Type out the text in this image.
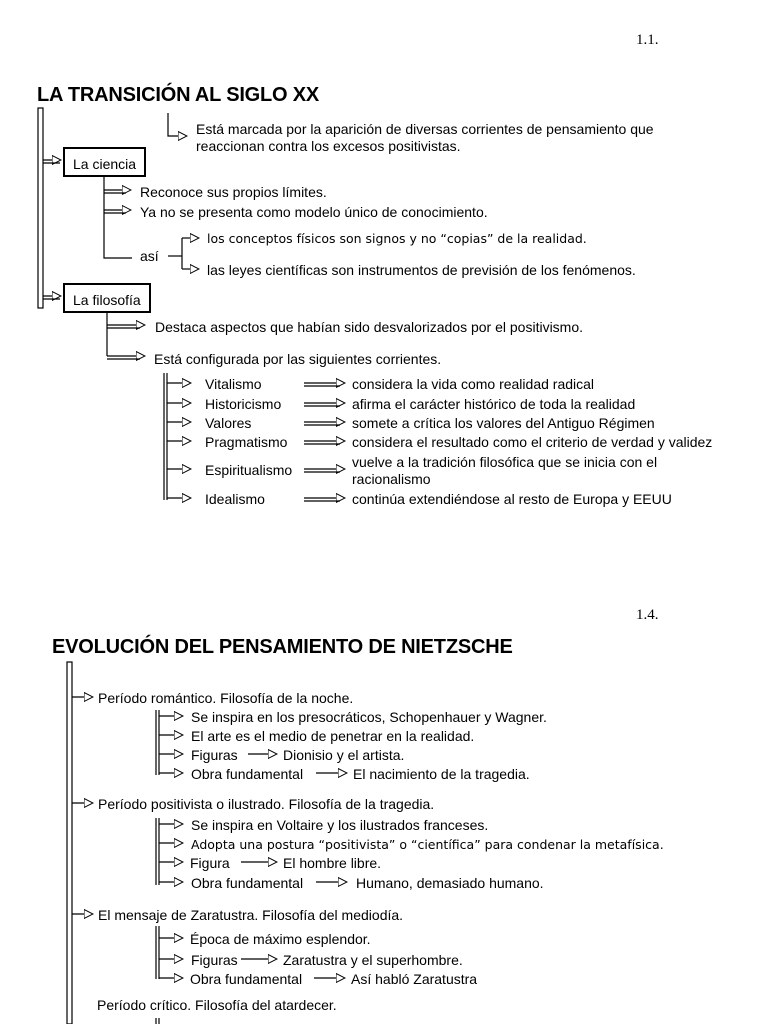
1.1.
1.4.
LA TRANSICIÓN AL SIGLO XX
Está marcada por la aparición de diversas corrientes de pensamiento que reaccionan contra los excesos positivistas.
La ciencia
Reconoce sus propios límites.
Ya no se presenta como modelo único de conocimiento.
así
los conceptos físicos son signos y no “copias” de la realidad.
las leyes científicas son instrumentos de previsión de los fenómenos.
La filosofía
Destaca aspectos que habían sido desvalorizados por el positivismo.
Está configurada por las siguientes corrientes.
Vitalismo	considera la vida como realidad radical
Historicismo	afirma el carácter histórico de toda la realidad
Valores	somete a crítica los valores del Antiguo Régimen
Pragmatismo	considera el resultado como el criterio de verdad y validez
Espiritualismo	vuelve a la tradición filosófica que se inicia con el racionalismo
Idealismo	continúa extendiéndose al resto de Europa y EEUU
EVOLUCIÓN DEL PENSAMIENTO DE NIETZSCHE
Período romántico. Filosofía de la noche.
Se inspira en los presocráticos, Schopenhauer y Wagner.
El arte es el medio de penetrar en la realidad.
Figuras	Dionisio y el artista.
Obra fundamental	El nacimiento de la tragedia.
Período positivista o ilustrado. Filosofía de la tragedia.
Se inspira en Voltaire y los ilustrados franceses.
Adopta una postura “positivista” o “científica” para condenar la metafísica.
Figura	El hombre libre.
Obra fundamental	Humano, demasiado humano.
El mensaje de Zaratustra. Filosofía del mediodía.
Época de máximo esplendor.
Figuras	Zaratustra y el superhombre.
Obra fundamental	Así habló Zaratustra
Período crítico. Filosofía del atardecer.
